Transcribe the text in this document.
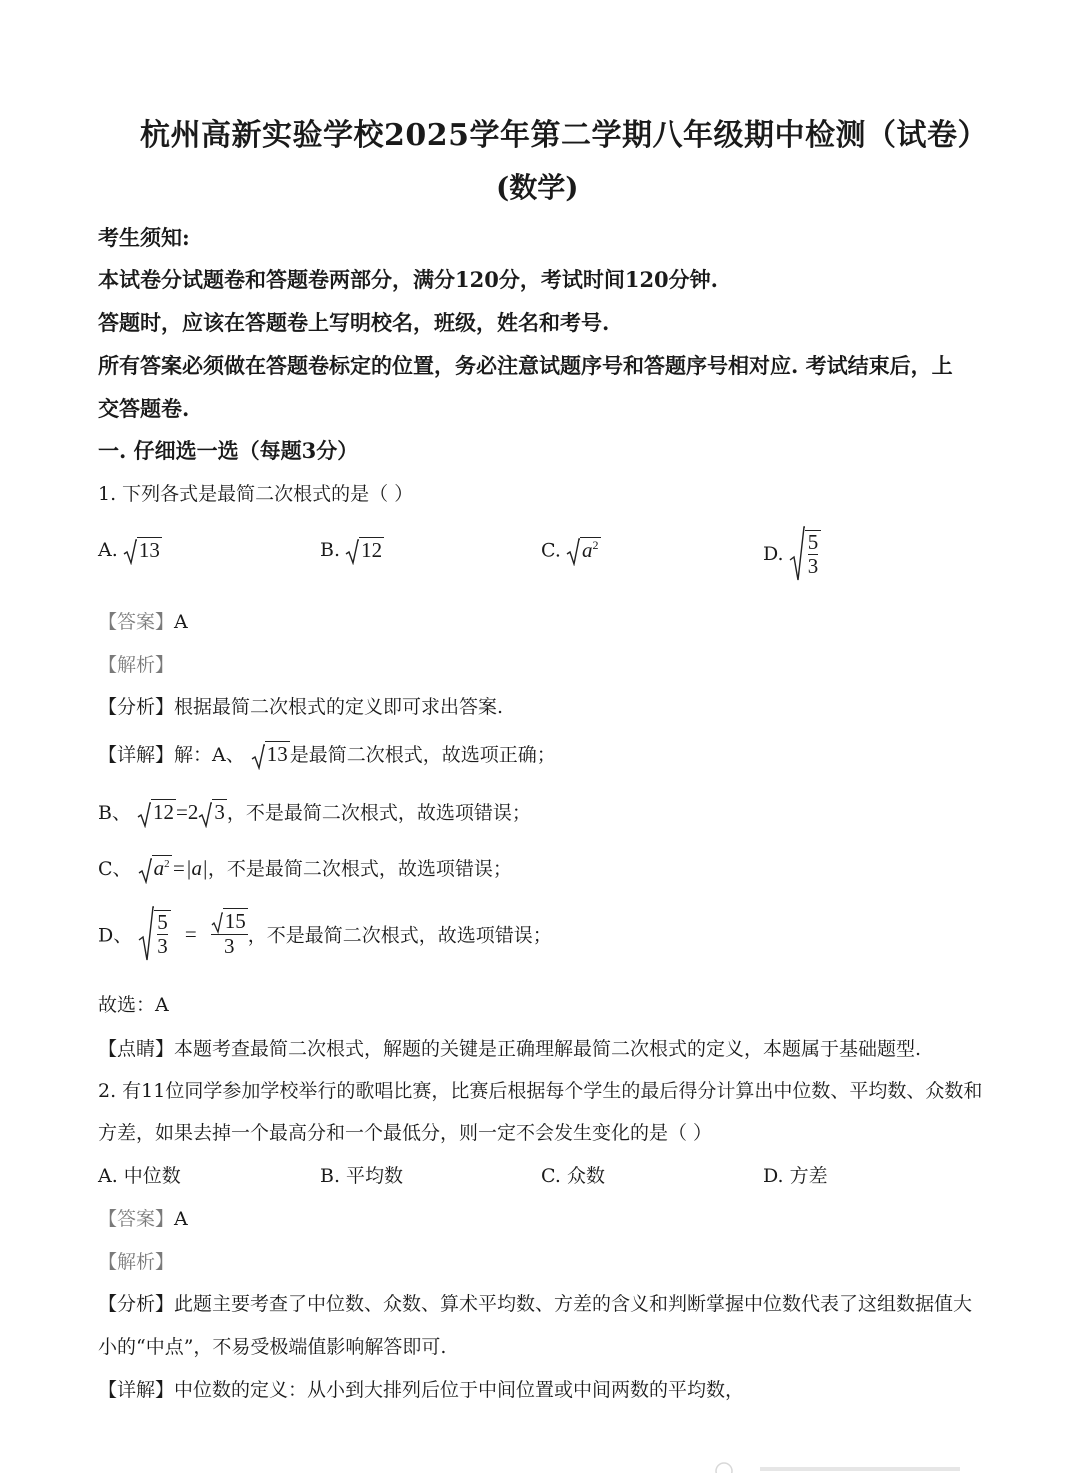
杭州高新实验学校2025学年第二学期八年级期中检测（试卷）
(数学)
考生须知:
本试卷分试题卷和答题卷两部分，满分120分，考试时间120分钟.
答题时，应该在答题卷上写明校名，班级，姓名和考号.
所有答案必须做在答题卷标定的位置，务必注意试题序号和答题序号相对应. 考试结束后，上
交答题卷.
一. 仔细选一选（每题3分）
1. 下列各式是最简二次根式的是（ ）
A. 13	B. 12	C. $a^2$	D. $\frac{5}{3}$
【答案】A
【解析】
【分析】根据最简二次根式的定义即可求出答案.
【详解】解：A、 13 是最简二次根式，故选项正确；
B、 12=2 3 ，不是最简二次根式，故选项错误；
C、 $a^2=|a|$，不是最简二次根式，故选项错误；
D、 $\frac{5}{3} = \frac{15}{3}$ ，不是最简二次根式，故选项错误；
故选：A
【点睛】本题考查最简二次根式，解题的关键是正确理解最简二次根式的定义，本题属于基础题型.
2. 有11位同学参加学校举行的歌唱比赛，比赛后根据每个学生的最后得分计算出中位数、平均数、众数和
方差，如果去掉一个最高分和一个最低分，则一定不会发生变化的是（ ）
A. 中位数	B. 平均数	C. 众数	D. 方差
【答案】A
【解析】
【分析】此题主要考查了中位数、众数、算术平均数、方差的含义和判断掌握中位数代表了这组数据值大
小的“中点”，不易受极端值影响解答即可.
【详解】中位数的定义：从小到大排列后位于中间位置或中间两数的平均数，
